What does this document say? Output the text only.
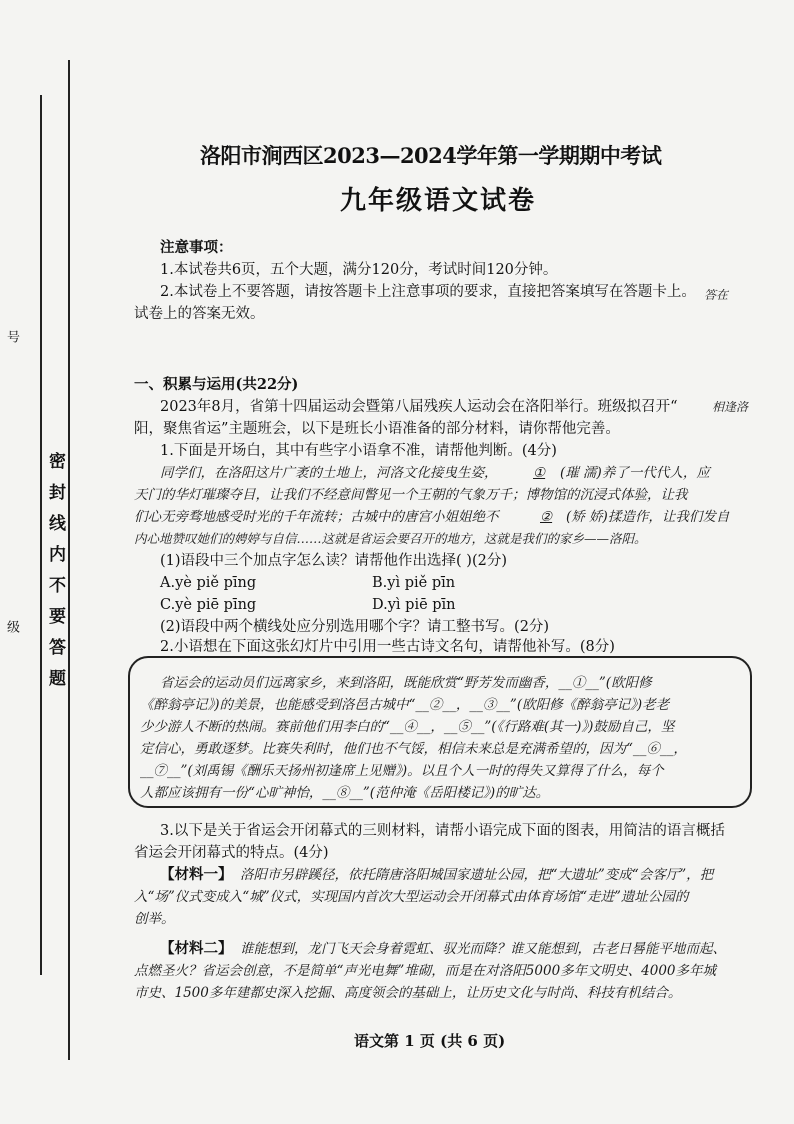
号
级	密封线内不要答题
洛阳市涧西区2023—2024学年第一学期期中考试
九年级语文试卷
注意事项：
1.本试卷共6页，五个大题，满分120分，考试时间120分钟。
2.本试卷上不要答题，请按答题卡上注意事项的要求，直接把答案填写在答题卡上。 答在
试卷上的答案无效。
一、积累与运用(共22分)
2023年8月，省第十四届运动会暨第八届残疾人运动会在洛阳举行。班级拟召开“	相逢洛
阳，聚焦省运”主题班会，以下是班长小语准备的部分材料，请你帮他完善。
1.下面是开场白，其中有些字小语拿不准，请帮他判断。(4分)
同学们，在洛阳这片广袤的土地上，河洛文化接曳生姿，	① (璀 濡)养了一代代人，应
天门的华灯璀璨夺目，让我们不经意间瞥见一个王朝的气象万千；博物馆的沉浸式体验，让我
们心无旁骛地感受时光的千年流转；古城中的唐宫小姐姐绝不	② (矫 娇)揉造作，让我们发自
内心地赞叹她们的娉婷与自信……这就是省运会要召开的地方，这就是我们的家乡——洛阳。
(1)语段中三个加点字怎么读？请帮他作出选择( )(2分)
A.yè piě pīng	B.yì piě pīn
C.yè piē pīng	D.yì piē pīn
(2)语段中两个横线处应分别选用哪个字？请工整书写。(2分)
2.小语想在下面这张幻灯片中引用一些古诗文名句，请帮他补写。(8分)
省运会的运动员们远离家乡，来到洛阳，既能欣赏“野芳发而幽香，__①__”(欧阳修
《醉翁亭记》)的美景，也能感受到洛邑古城中“__②__，__③__”(欧阳修《醉翁亭记》)老老
少少游人不断的热闹。赛前他们用李白的“__④__，__⑤__”(《行路难(其一)》)鼓励自己，坚
定信心，勇敢逐梦。比赛失利时，他们也不气馁，相信未来总是充满希望的，因为“__⑥__，
__⑦__”(刘禹锡《酬乐天扬州初逢席上见赠》)。以且个人一时的得失又算得了什么，每个
人都应该拥有一份“心旷神怡，__⑧__”(范仲淹《岳阳楼记》)的旷达。
3.以下是关于省运会开闭幕式的三则材料，请帮小语完成下面的图表，用简洁的语言概括
省运会开闭幕式的特点。(4分)
【材料一】 洛阳市另辟蹊径，依托隋唐洛阳城国家遗址公园，把“大遗址”变成“会客厅”，把
入“场”仪式变成入“城”仪式，实现国内首次大型运动会开闭幕式由体育场馆“走进”遗址公园的
创举。
【材料二】 谁能想到，龙门飞天会身着霓虹、驭光而降？谁又能想到，古老日晷能平地而起、
点燃圣火？省运会创意，不是简单“声光电舞”堆砌，而是在对洛阳5000多年文明史、4000多年城
市史、1500多年建都史深入挖掘、高度领会的基础上，让历史文化与时尚、科技有机结合。
语文第 1 页 (共 6 页)
